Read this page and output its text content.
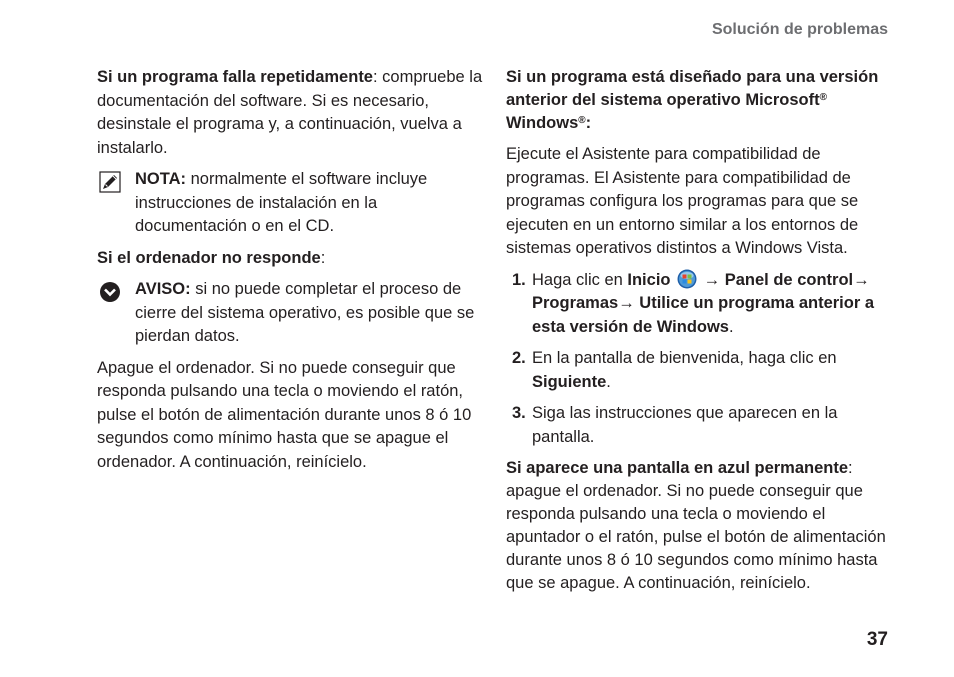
Solución de problemas

Si un programa falla repetidamente: compruebe la documentación del software. Si es necesario, desinstale el programa y, a continuación, vuelva a instalarlo.

NOTA: normalmente el software incluye instrucciones de instalación en la documentación o en el CD.

Si el ordenador no responde:

AVISO: si no puede completar el proceso de cierre del sistema operativo, es posible que se pierdan datos.

Apague el ordenador. Si no puede conseguir que responda pulsando una tecla o moviendo el ratón, pulse el botón de alimentación durante unos 8 ó 10 segundos como mínimo hasta que se apague el ordenador. A continuación, reinícielo.

Si un programa está diseñado para una versión anterior del sistema operativo Microsoft® Windows®:

Ejecute el Asistente para compatibilidad de programas. El Asistente para compatibilidad de programas configura los programas para que se ejecuten en un entorno similar a los entornos de sistemas operativos distintos a Windows Vista.

1. Haga clic en Inicio  → Panel de control→ Programas→ Utilice un programa anterior a esta versión de Windows.
2. En la pantalla de bienvenida, haga clic en Siguiente.
3. Siga las instrucciones que aparecen en la pantalla.

Si aparece una pantalla en azul permanente: apague el ordenador. Si no puede conseguir que responda pulsando una tecla o moviendo el apuntador o el ratón, pulse el botón de alimentación durante unos 8 ó 10 segundos como mínimo hasta que se apague. A continuación, reinícielo.

37
